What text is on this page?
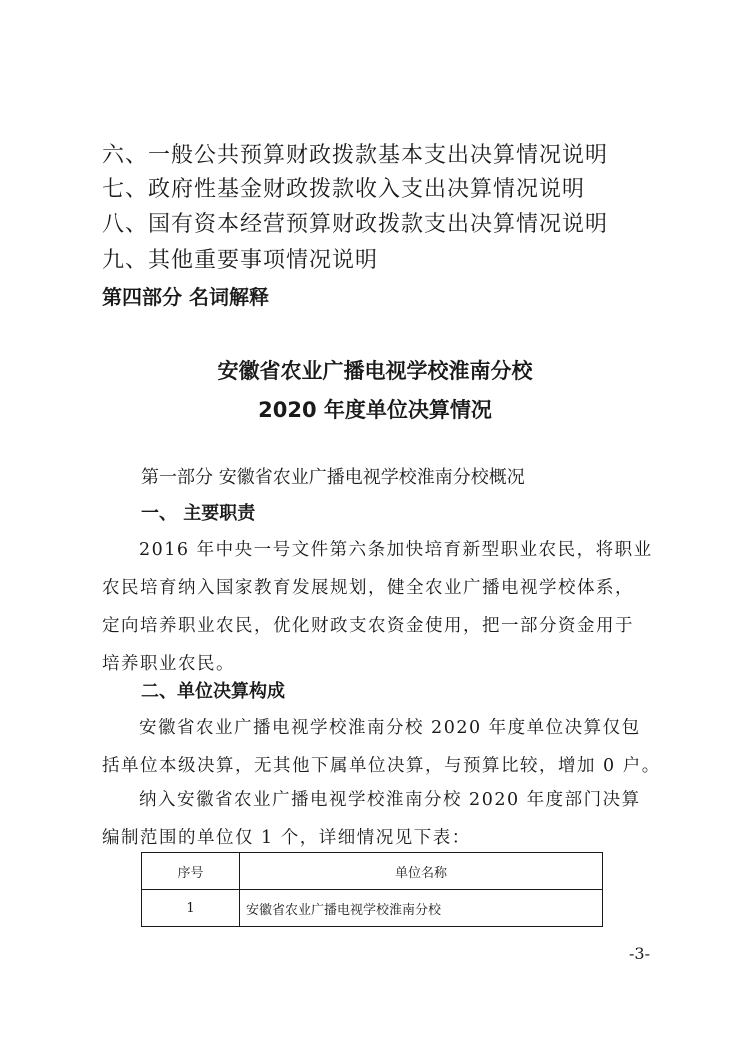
六、一般公共预算财政拨款基本支出决算情况说明
七、政府性基金财政拨款收入支出决算情况说明
八、国有资本经营预算财政拨款支出决算情况说明
九、其他重要事项情况说明
第四部分 名词解释
安徽省农业广播电视学校淮南分校
2020 年度单位决算情况
第一部分 安徽省农业广播电视学校淮南分校概况
一、 主要职责
2016 年中央一号文件第六条加快培育新型职业农民，将职业
农民培育纳入国家教育发展规划，健全农业广播电视学校体系，
定向培养职业农民，优化财政支农资金使用，把一部分资金用于
培养职业农民。
二、单位决算构成
安徽省农业广播电视学校淮南分校 2020 年度单位决算仅包
括单位本级决算，无其他下属单位决算，与预算比较，增加 0 户。
纳入安徽省农业广播电视学校淮南分校 2020 年度部门决算
编制范围的单位仅 1 个，详细情况见下表：
序号	单位名称
1	安徽省农业广播电视学校淮南分校
-3-
